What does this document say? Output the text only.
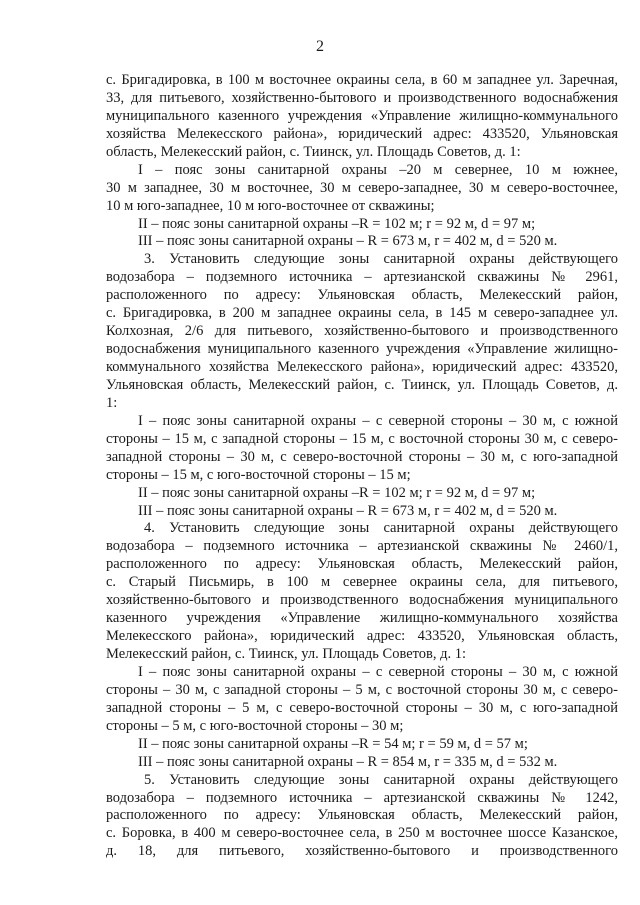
2
с. Бригадировка, в 100 м восточнее окраины села, в 60 м западнее ул. Заречная,
33, для питьевого, хозяйственно-бытового и производственного водоснабжения
муниципального казенного учреждения «Управление жилищно-коммунального
хозяйства Мелекесского района», юридический адрес: 433520, Ульяновская
область, Мелекесский район, с. Тиинск, ул. Площадь Советов, д. 1:
I – пояс зоны санитарной охраны –20 м севернее, 10 м южнее,
30 м западнее, 30 м восточнее, 30 м северо-западнее, 30 м северо-восточнее,
10 м юго-западнее, 10 м юго-восточнее от скважины;
II – пояс зоны санитарной охраны –R = 102 м; r = 92 м, d = 97 м;
III – пояс зоны санитарной охраны – R = 673 м, r = 402 м, d = 520 м.
3. Установить следующие зоны санитарной охраны действующего
водозабора – подземного источника – артезианской скважины № 2961,
расположенного по адресу: Ульяновская область, Мелекесский район,
с. Бригадировка, в 200 м западнее окраины села, в 145 м северо-западнее ул.
Колхозная, 2/6 для питьевого, хозяйственно-бытового и производственного
водоснабжения муниципального казенного учреждения «Управление жилищно-
коммунального хозяйства Мелекесского района», юридический адрес: 433520,
Ульяновская область, Мелекесский район, с. Тиинск, ул. Площадь Советов, д.
1:
I – пояс зоны санитарной охраны – с северной стороны – 30 м, с южной
стороны – 15 м, с западной стороны – 15 м, с восточной стороны 30 м, с северо-
западной стороны – 30 м, с северо-восточной стороны – 30 м, с юго-западной
стороны – 15 м, с юго-восточной стороны – 15 м;
II – пояс зоны санитарной охраны –R = 102 м; r = 92 м, d = 97 м;
III – пояс зоны санитарной охраны – R = 673 м, r = 402 м, d = 520 м.
4. Установить следующие зоны санитарной охраны действующего
водозабора – подземного источника – артезианской скважины № 2460/1,
расположенного по адресу: Ульяновская область, Мелекесский район,
с. Старый Письмирь, в 100 м севернее окраины села, для питьевого,
хозяйственно-бытового и производственного водоснабжения муниципального
казенного учреждения «Управление жилищно-коммунального хозяйства
Мелекесского района», юридический адрес: 433520, Ульяновская область,
Мелекесский район, с. Тиинск, ул. Площадь Советов, д. 1:
I – пояс зоны санитарной охраны – с северной стороны – 30 м, с южной
стороны – 30 м, с западной стороны – 5 м, с восточной стороны 30 м, с северо-
западной стороны – 5 м, с северо-восточной стороны – 30 м, с юго-западной
стороны – 5 м, с юго-восточной стороны – 30 м;
II – пояс зоны санитарной охраны –R = 54 м; r = 59 м, d = 57 м;
III – пояс зоны санитарной охраны – R = 854 м, r = 335 м, d = 532 м.
5. Установить следующие зоны санитарной охраны действующего
водозабора – подземного источника – артезианской скважины № 1242,
расположенного по адресу: Ульяновская область, Мелекесский район,
с. Боровка, в 400 м северо-восточнее села, в 250 м восточнее шоссе Казанское,
д. 18, для питьевого, хозяйственно-бытового и производственного
